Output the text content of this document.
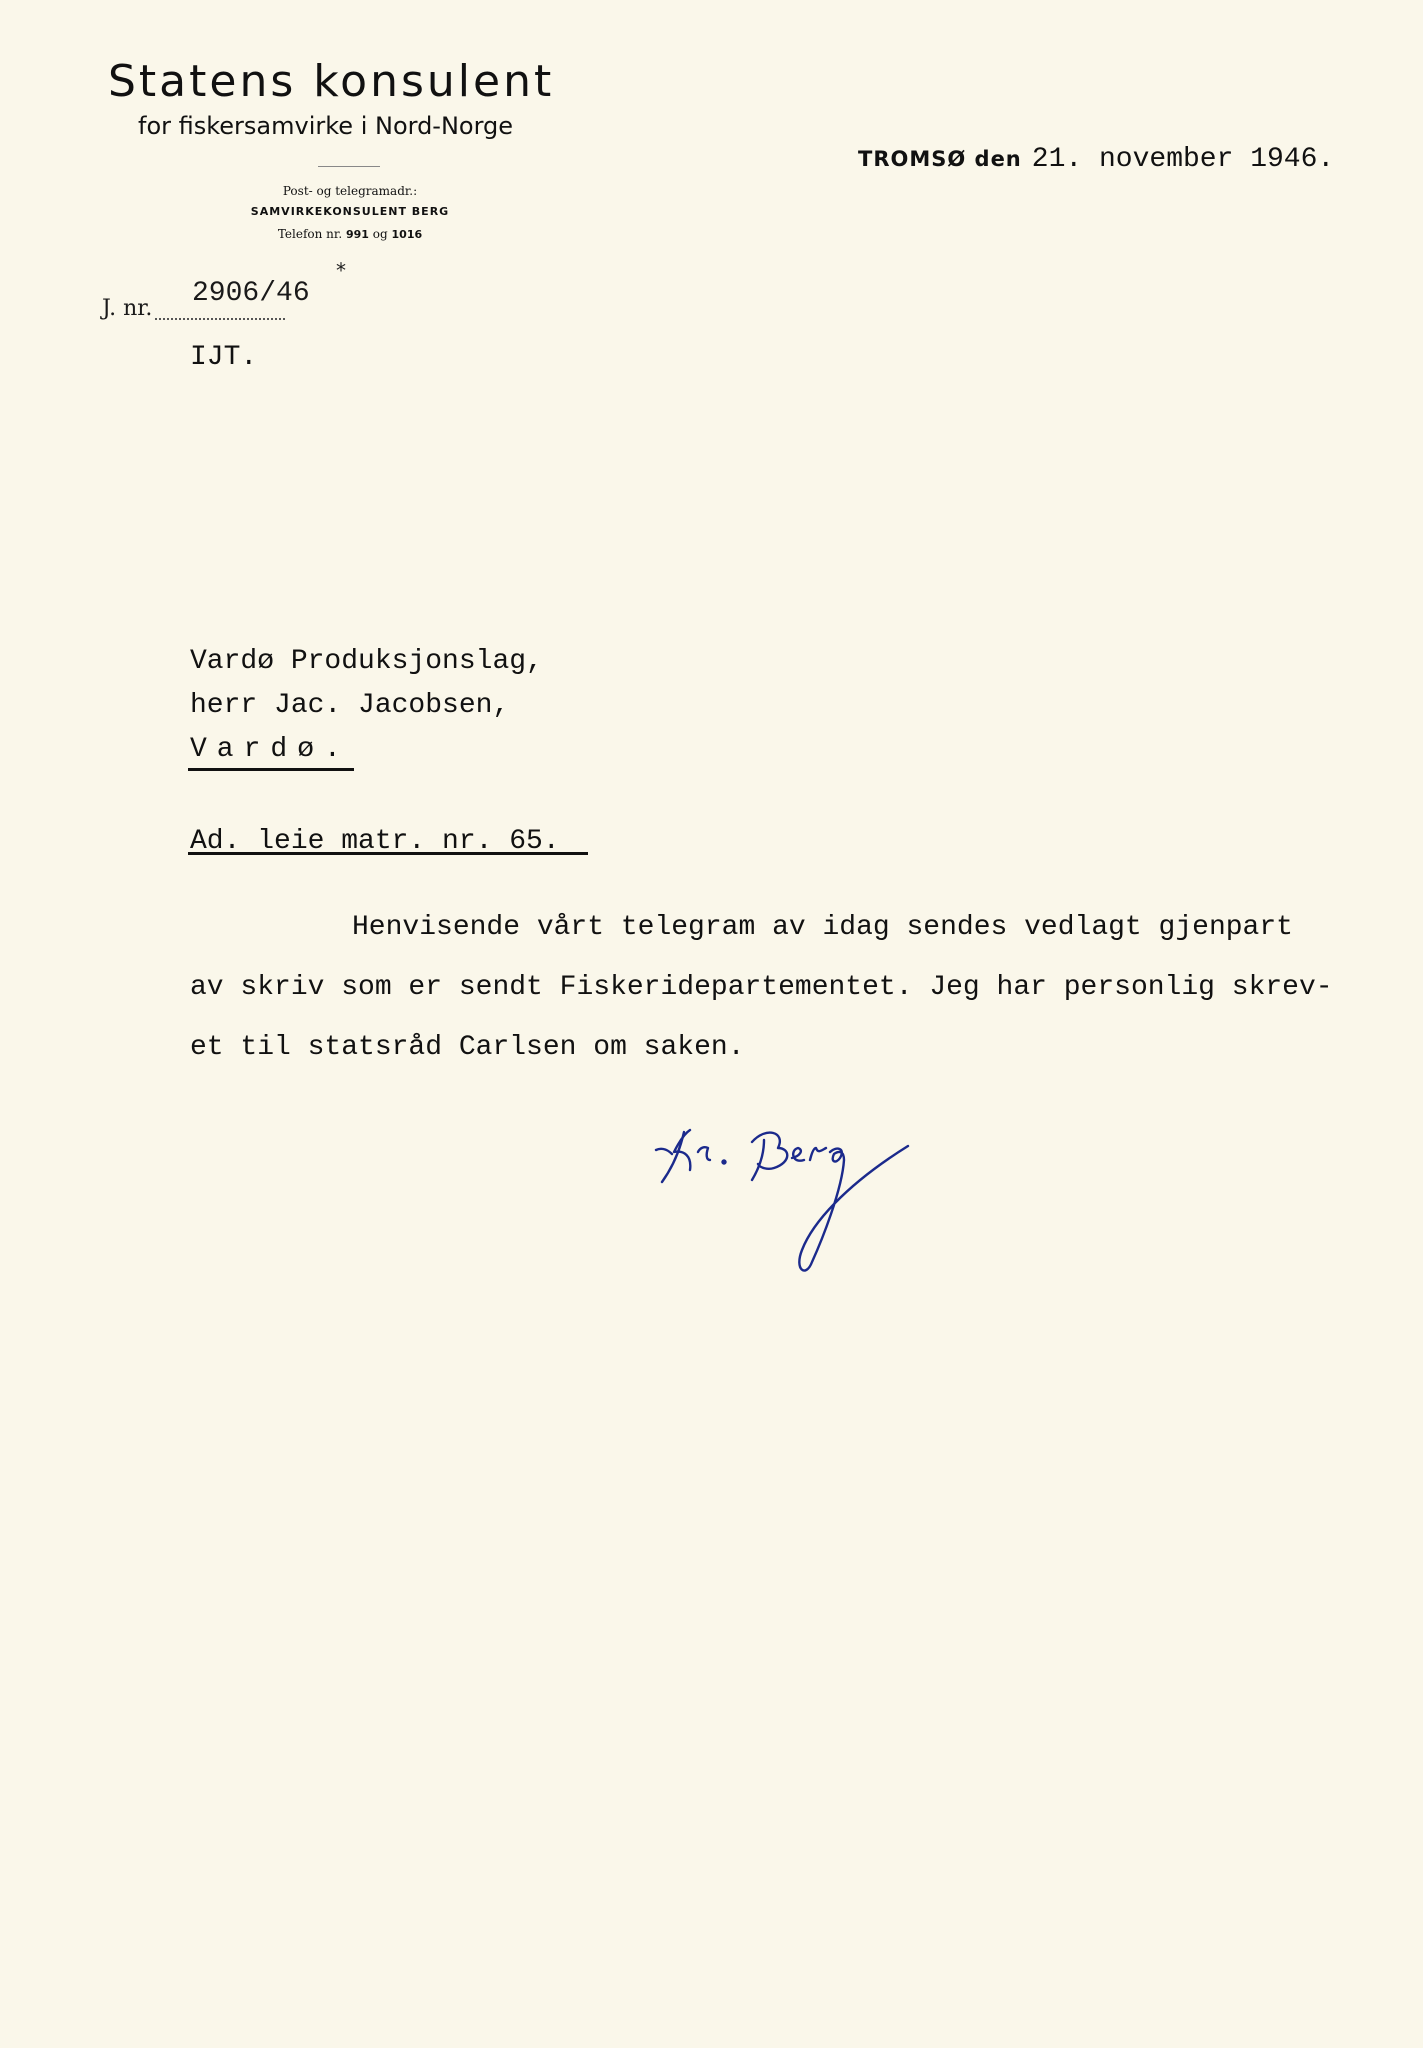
Statens konsulent
for fiskersamvirke i Nord-Norge
Post- og telegramadr.:
SAMVIRKEKONSULENT BERG
Telefon nr. 991 og 1016
⁎
TROMSØ den 21. november 1946.
J. nr. 2906/46
IJT.
Vardø Produksjonslag,
herr Jac. Jacobsen,
Vardø.
Ad. leie matr. nr. 65.
Henvisende vårt telegram av idag sendes vedlagt gjenpart
av skriv som er sendt Fiskeridepartementet. Jeg har personlig skrev-
et til statsråd Carlsen om saken.
